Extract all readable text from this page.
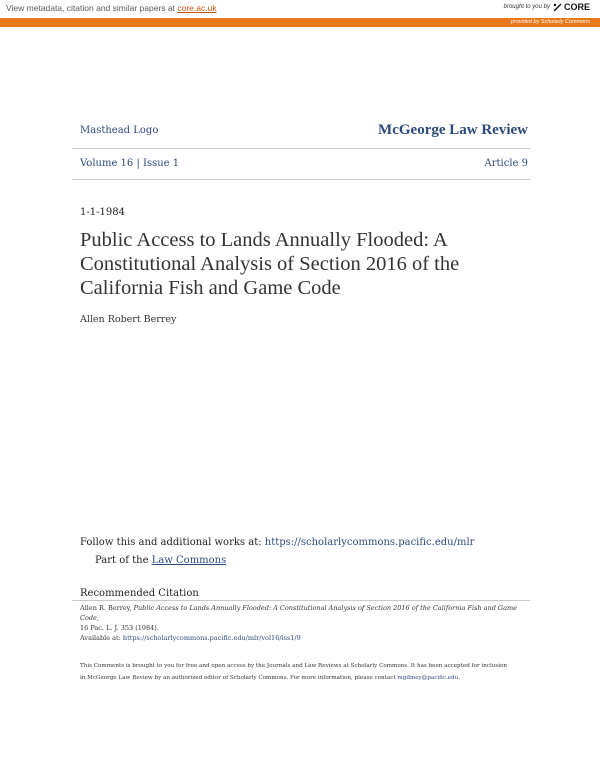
View metadata, citation and similar papers at core.ac.uk	brought to you by CORE
provided by Scholarly Commons
Masthead Logo	McGeorge Law Review
Volume 16 | Issue 1	Article 9
1-1-1984
Public Access to Lands Annually Flooded: A Constitutional Analysis of Section 2016 of the California Fish and Game Code
Allen Robert Berrey
Follow this and additional works at: https://scholarlycommons.pacific.edu/mlr
Part of the Law Commons
Recommended Citation
Allen R. Berrey, Public Access to Lands Annually Flooded: A Constitutional Analysis of Section 2016 of the California Fish and Game Code,
16 Pac. L. J. 353 (1984).
Available at: https://scholarlycommons.pacific.edu/mlr/vol16/iss1/9
This Comments is brought to you for free and open access by the Journals and Law Reviews at Scholarly Commons. It has been accepted for inclusion
in McGeorge Law Review by an authorized editor of Scholarly Commons. For more information, please contact mgibney@pacific.edu.
